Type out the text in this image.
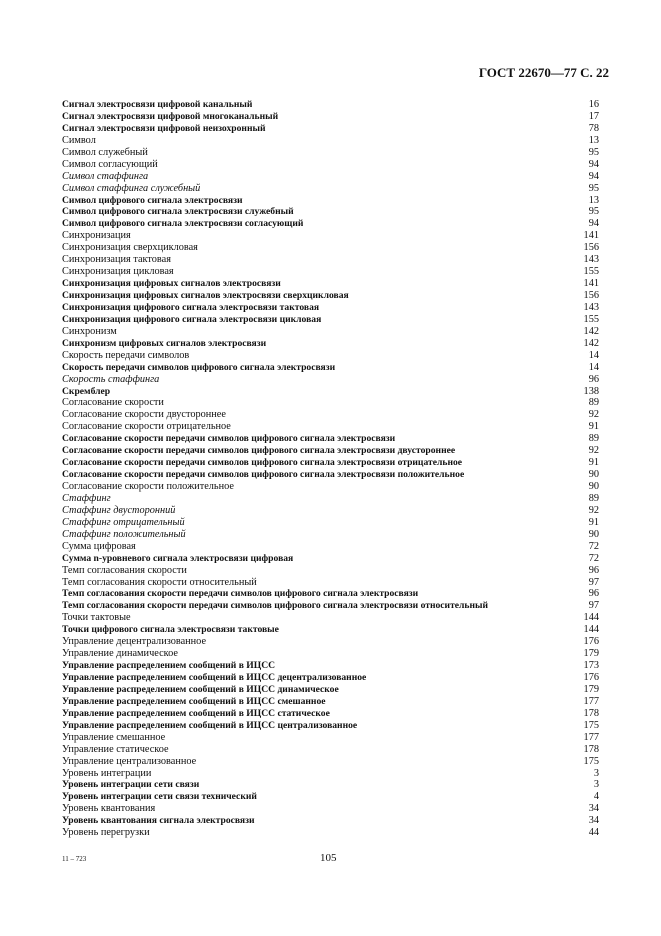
ГОСТ 22670—77 С. 22
Сигнал электросвязи цифровой канальный	16
Сигнал электросвязи цифровой многоканальный	17
Сигнал электросвязи цифровой неизохронный	78
Символ	13
Символ служебный	95
Символ согласующий	94
Символ стаффинга	94
Символ стаффинга служебный	95
Символ цифрового сигнала электросвязи	13
Символ цифрового сигнала электросвязи служебный	95
Символ цифрового сигнала электросвязи согласующий	94
Синхронизация	141
Синхронизация сверхцикловая	156
Синхронизация тактовая	143
Синхронизация цикловая	155
Синхронизация цифровых сигналов электросвязи	141
Синхронизация цифровых сигналов электросвязи сверхцикловая	156
Синхронизация цифрового сигнала электросвязи тактовая	143
Синхронизация цифрового сигнала электросвязи цикловая	155
Синхронизм	142
Синхронизм цифровых сигналов электросвязи	142
Скорость передачи символов	14
Скорость передачи символов цифрового сигнала электросвязи	14
Скорость стаффинга	96
Скремблер	138
Согласование скорости	89
Согласование скорости двустороннее	92
Согласование скорости отрицательное	91
Согласование скорости передачи символов цифрового сигнала электросвязи	89
Согласование скорости передачи символов цифрового сигнала электросвязи двустороннее	92
Согласование скорости передачи символов цифрового сигнала электросвязи отрицательное	91
Согласование скорости передачи символов цифрового сигнала электросвязи положительное	90
Согласование скорости положительное	90
Стаффинг	89
Стаффинг двусторонний	92
Стаффинг отрицательный	91
Стаффинг положительный	90
Сумма цифровая	72
Сумма n-уровневого сигнала электросвязи цифровая	72
Темп согласования скорости	96
Темп согласования скорости относительный	97
Темп согласования скорости передачи символов цифрового сигнала электросвязи	96
Темп согласования скорости передачи символов цифрового сигнала электросвязи относительный	97
Точки тактовые	144
Точки цифрового сигнала электросвязи тактовые	144
Управление децентрализованное	176
Управление динамическое	179
Управление распределением сообщений в ИЦСС	173
Управление распределением сообщений в ИЦСС децентрализованное	176
Управление распределением сообщений в ИЦСС динамическое	179
Управление распределением сообщений в ИЦСС смешанное	177
Управление распределением сообщений в ИЦСС статическое	178
Управление распределением сообщений в ИЦСС централизованное	175
Управление смешанное	177
Управление статическое	178
Управление централизованное	175
Уровень интеграции	3
Уровень интеграции сети связи	3
Уровень интеграции сети связи технический	4
Уровень квантования	34
Уровень квантования сигнала электросвязи	34
Уровень перегрузки	44
11 – 723	105
